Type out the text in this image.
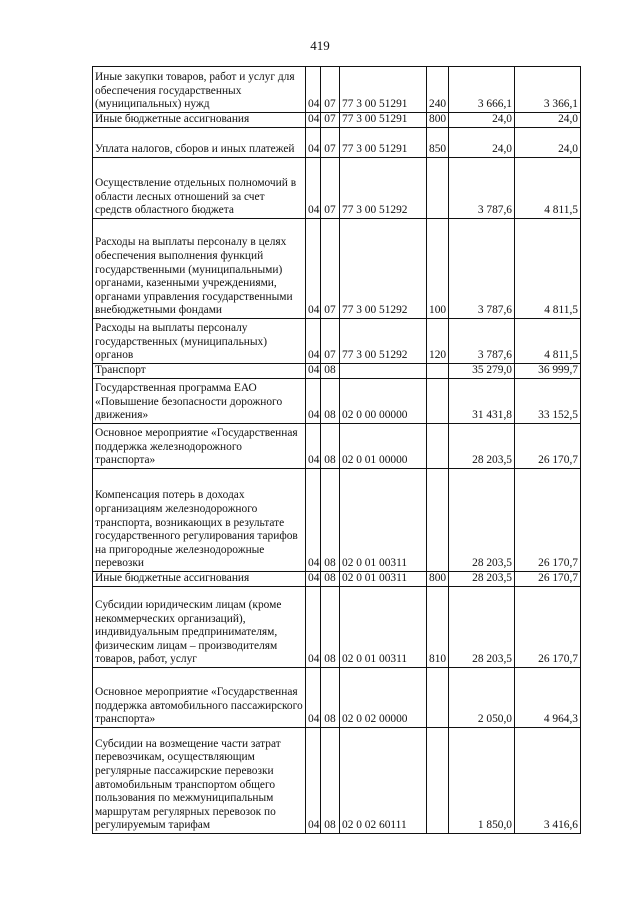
419
Иные закупки товаров, работ и услуг для обеспечения государственных (муниципальных) нужд	04	07	77 3 00 51291	240	3 666,1	3 366,1
Иные бюджетные ассигнования	04	07	77 3 00 51291	800	24,0	24,0
Уплата налогов, сборов и иных платежей	04	07	77 3 00 51291	850	24,0	24,0
Осуществление отдельных полномочий в области лесных отношений за счет средств областного бюджета	04	07	77 3 00 51292		3 787,6	4 811,5
Расходы на выплаты персоналу в целях обеспечения выполнения функций государственными (муниципальными) органами, казенными учреждениями, органами управления государственными внебюджетными фондами	04	07	77 3 00 51292	100	3 787,6	4 811,5
Расходы на выплаты персоналу государственных (муниципальных) органов	04	07	77 3 00 51292	120	3 787,6	4 811,5
Транспорт	04	08			35 279,0	36 999,7
Государственная программа ЕАО «Повышение безопасности дорожного движения»	04	08	02 0 00 00000		31 431,8	33 152,5
Основное мероприятие «Государственная поддержка железнодорожного транспорта»	04	08	02 0 01 00000		28 203,5	26 170,7
Компенсация потерь в доходах организациям железнодорожного транспорта, возникающих в результате государственного регулирования тарифов на пригородные железнодорожные перевозки	04	08	02 0 01 00311		28 203,5	26 170,7
Иные бюджетные ассигнования	04	08	02 0 01 00311	800	28 203,5	26 170,7
Субсидии юридическим лицам (кроме некоммерческих организаций), индивидуальным предпринимателям, физическим лицам – производителям товаров, работ, услуг	04	08	02 0 01 00311	810	28 203,5	26 170,7
Основное мероприятие «Государственная поддержка автомобильного пассажирского транспорта»	04	08	02 0 02 00000		2 050,0	4 964,3
Субсидии на возмещение части затрат перевозчикам, осуществляющим регулярные пассажирские перевозки автомобильным транспортом общего пользования по межмуниципальным маршрутам регулярных перевозок по регулируемым тарифам	04	08	02 0 02 60111		1 850,0	3 416,6
